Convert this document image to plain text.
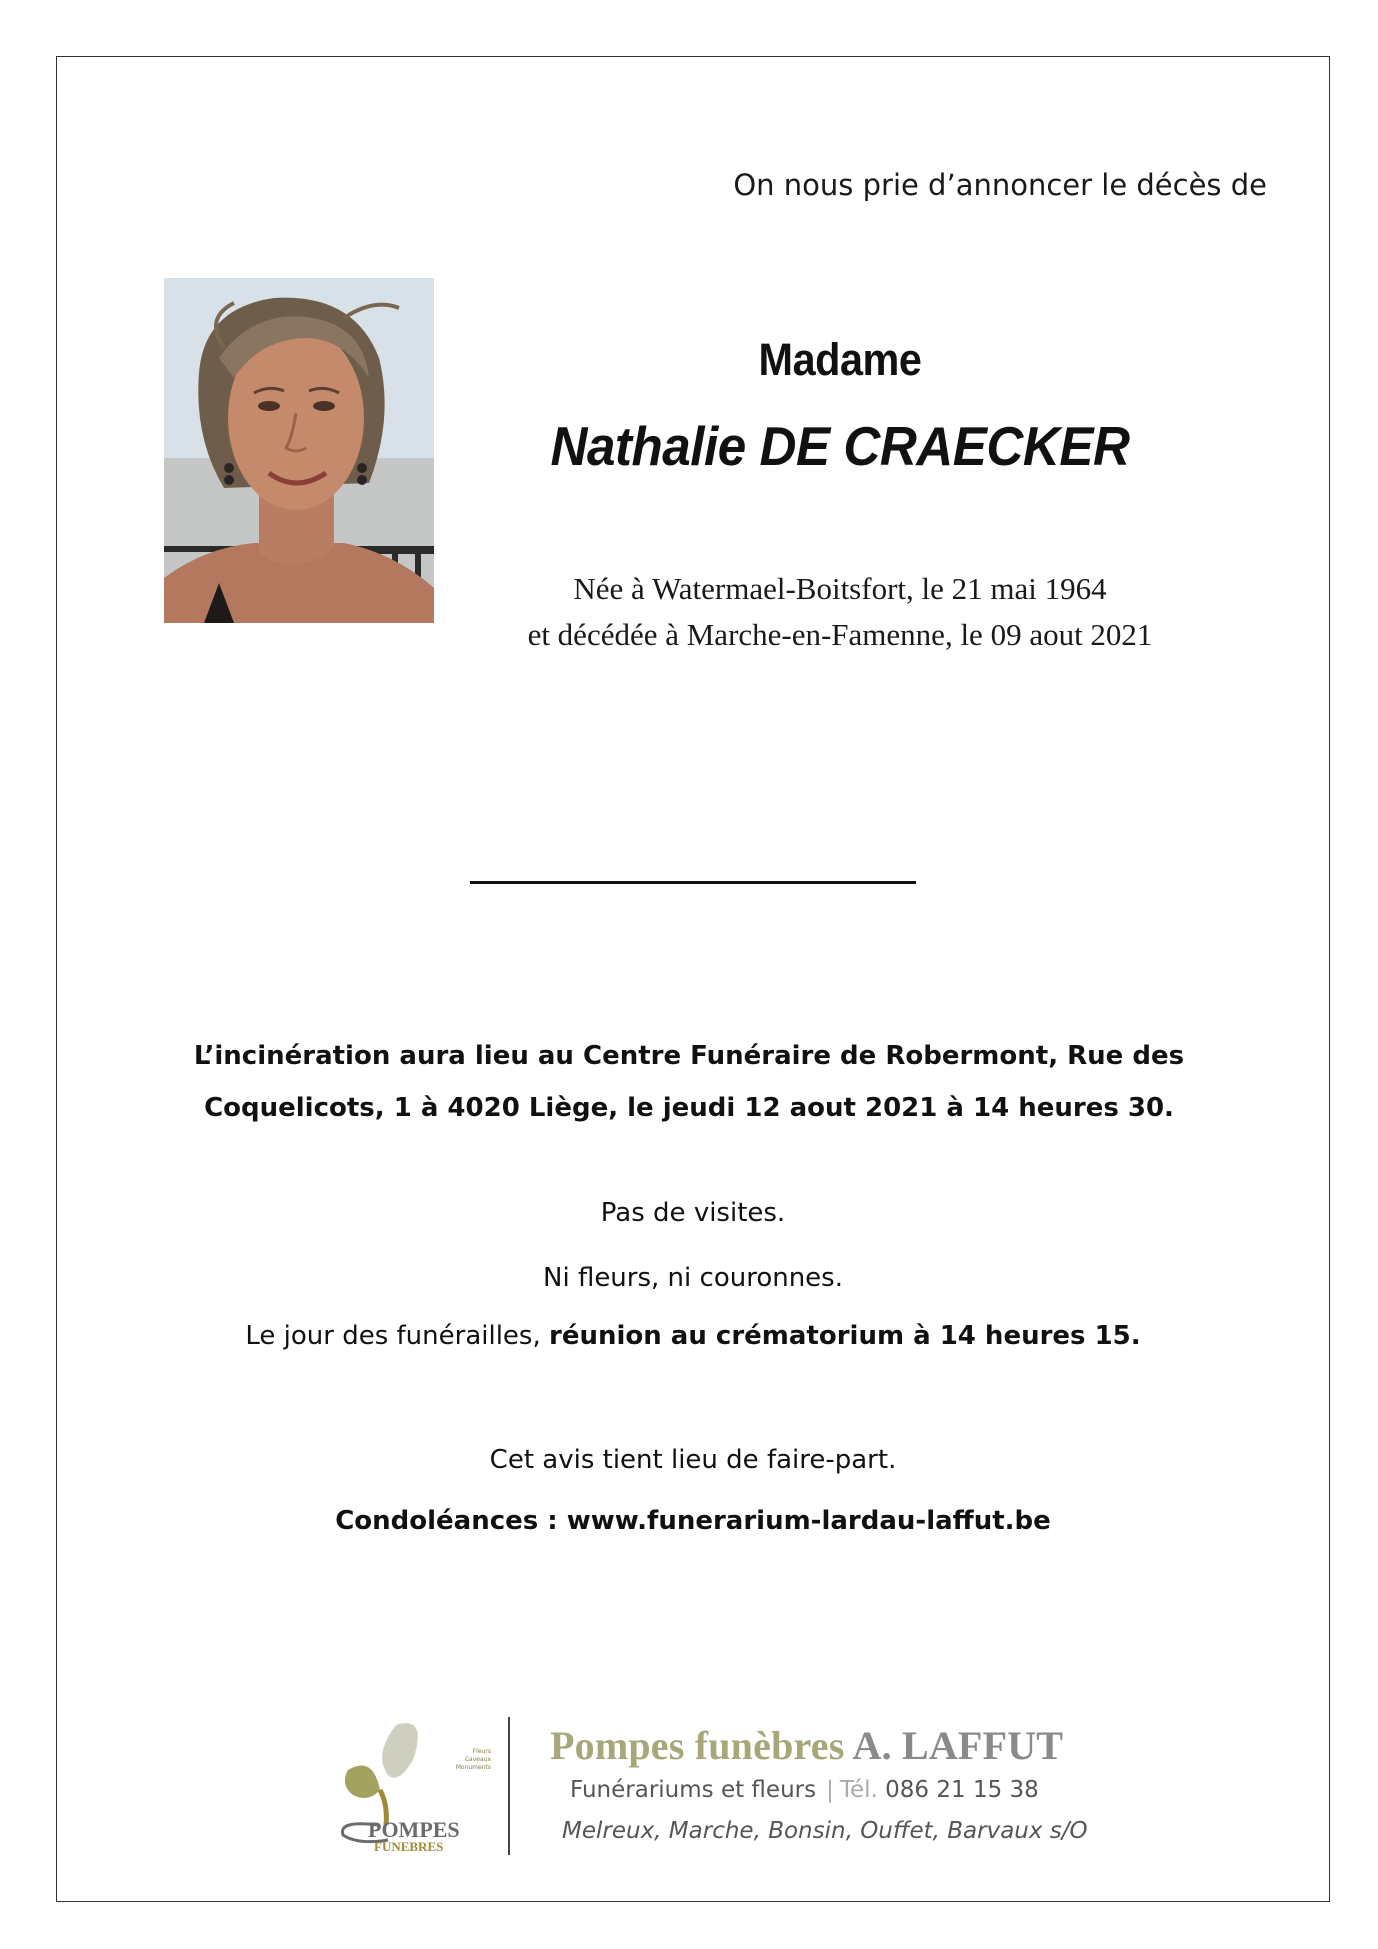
On nous prie d’annoncer le décès de
Madame
Nathalie DE CRAECKER
Née à Watermael-Boitsfort, le 21 mai 1964
et décédée à Marche-en-Famenne, le 09 aout 2021
L’incinération aura lieu au Centre Funéraire de Robermont, Rue des
Coquelicots, 1 à 4020 Liège, le jeudi 12 aout 2021 à 14 heures 30.
Pas de visites.
Ni fleurs, ni couronnes.
Le jour des funérailles, réunion au crématorium à 14 heures 15.
Cet avis tient lieu de faire-part.
Condoléances : www.funerarium-lardau-laffut.be
POMPES
FUNEBRES
Fleurs
Caveaux
Monuments Pompes funèbres A. LAFFUT
Funérariums et fleurs | Tél. 086 21 15 38
Melreux, Marche, Bonsin, Ouffet, Barvaux s/O
